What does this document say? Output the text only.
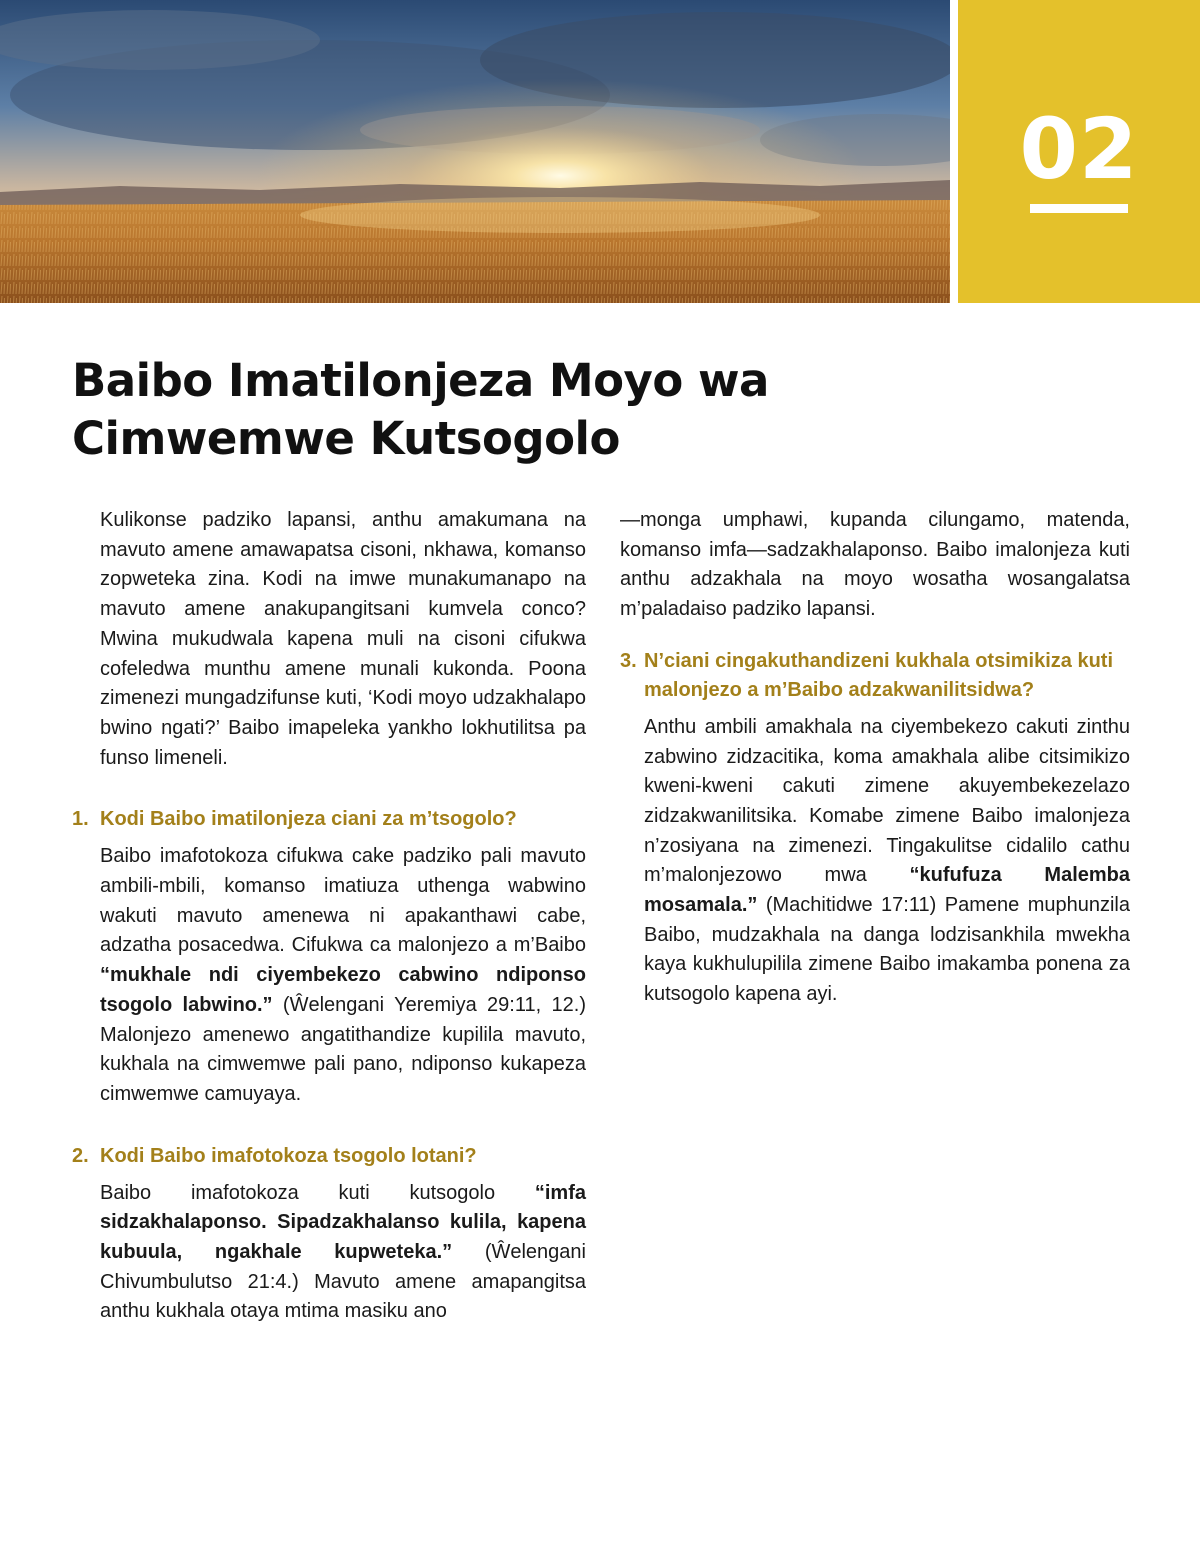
02
Baibo Imatilonjeza Moyo wa
Cimwemwe Kutsogolo

Kulikonse padziko lapansi, anthu amakumana na mavuto amene amawapatsa cisoni, nkhawa, komanso zopweteka zina. Kodi na imwe munakumanapo na mavuto amene anakupangitsani kumvela conco? Mwina mukudwala kapena muli na cisoni cifukwa cofeledwa munthu amene munali kukonda. Poona zimenezi mungadzifunse kuti, ‘Kodi moyo udzakhalapo bwino ngati?’ Baibo imapeleka yankho lokhutilitsa pa funso limeneli.

1. Kodi Baibo imatilonjeza ciani za m’tsogolo?

Baibo imafotokoza cifukwa cake padziko pali mavuto ambili-mbili, komanso imatiuza uthenga wabwino wakuti mavuto amenewa ni apakanthawi cabe, adzatha posacedwa. Cifukwa ca malonjezo a m’Baibo “mukhale ndi ciyembekezo cabwino ndiponso tsogolo labwino.” (Ŵelengani Yeremiya 29:11, 12.) Malonjezo amenewo angatithandize kupilila mavuto, kukhala na cimwemwe pali pano, ndiponso kukapeza cimwemwe camuyaya.

2. Kodi Baibo imafotokoza tsogolo lotani?

Baibo imafotokoza kuti kutsogolo “imfa sidzakhalaponso. Sipadzakhalanso kulila, kapena kubuula, ngakhale kupweteka.” (Ŵelengani Chivumbulutso 21:4.) Mavuto amene amapangitsa anthu kukhala otaya mtima masiku ano

—monga umphawi, kupanda cilungamo, matenda, komanso imfa—sadzakhalaponso. Baibo imalonjeza kuti anthu adzakhala na moyo wosatha wosangalatsa m’paladaiso padziko lapansi.

3. N’ciani cingakuthandizeni kukhala otsimikiza kuti malonjezo a m’Baibo adzakwanilitsidwa?

Anthu ambili amakhala na ciyembekezo cakuti zinthu zabwino zidzacitika, koma amakhala alibe citsimikizo kweni-kweni cakuti zimene akuyembekezelazo zidzakwanilitsika. Komabe zimene Baibo imalonjeza n’zosiyana na zimenezi. Tingakulitse cidalilo cathu m’malonjezowo mwa “kufufuza Malemba mosamala.” (Machitidwe 17:11) Pamene muphunzila Baibo, mudzakhala na danga lodzisankhila mwekha kaya kukhulupilila zimene Baibo imakamba ponena za kutsogolo kapena ayi.
